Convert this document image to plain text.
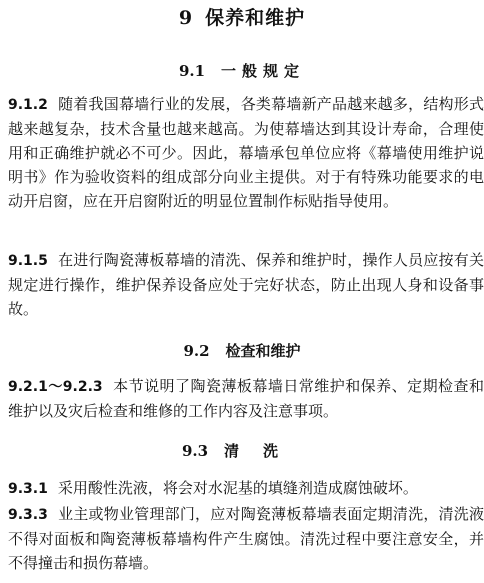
9 保养和维护
9.1 一般规定

9.1.2 随着我国幕墙行业的发展，各类幕墙新产品越来越多，结构形式越来越复杂，技术含量也越来越高。为使幕墙达到其设计寿命，合理使用和正确维护就必不可少。因此，幕墙承包单位应将《幕墙使用维护说明书》作为验收资料的组成部分向业主提供。对于有特殊功能要求的电动开启窗，应在开启窗附近的明显位置制作标贴指导使用。

9.1.5 在进行陶瓷薄板幕墙的清洗、保养和维护时，操作人员应按有关规定进行操作，维护保养设备应处于完好状态，防止出现人身和设备事故。

9.2 检查和维护

9.2.1～9.2.3 本节说明了陶瓷薄板幕墙日常维护和保养、定期检查和维护以及灾后检查和维修的工作内容及注意事项。

9.3 清洗

9.3.1 采用酸性洗液，将会对水泥基的填缝剂造成腐蚀破坏。

9.3.3 业主或物业管理部门，应对陶瓷薄板幕墙表面定期清洗，清洗液不得对面板和陶瓷薄板幕墙构件产生腐蚀。清洗过程中要注意安全，并不得撞击和损伤幕墙。
